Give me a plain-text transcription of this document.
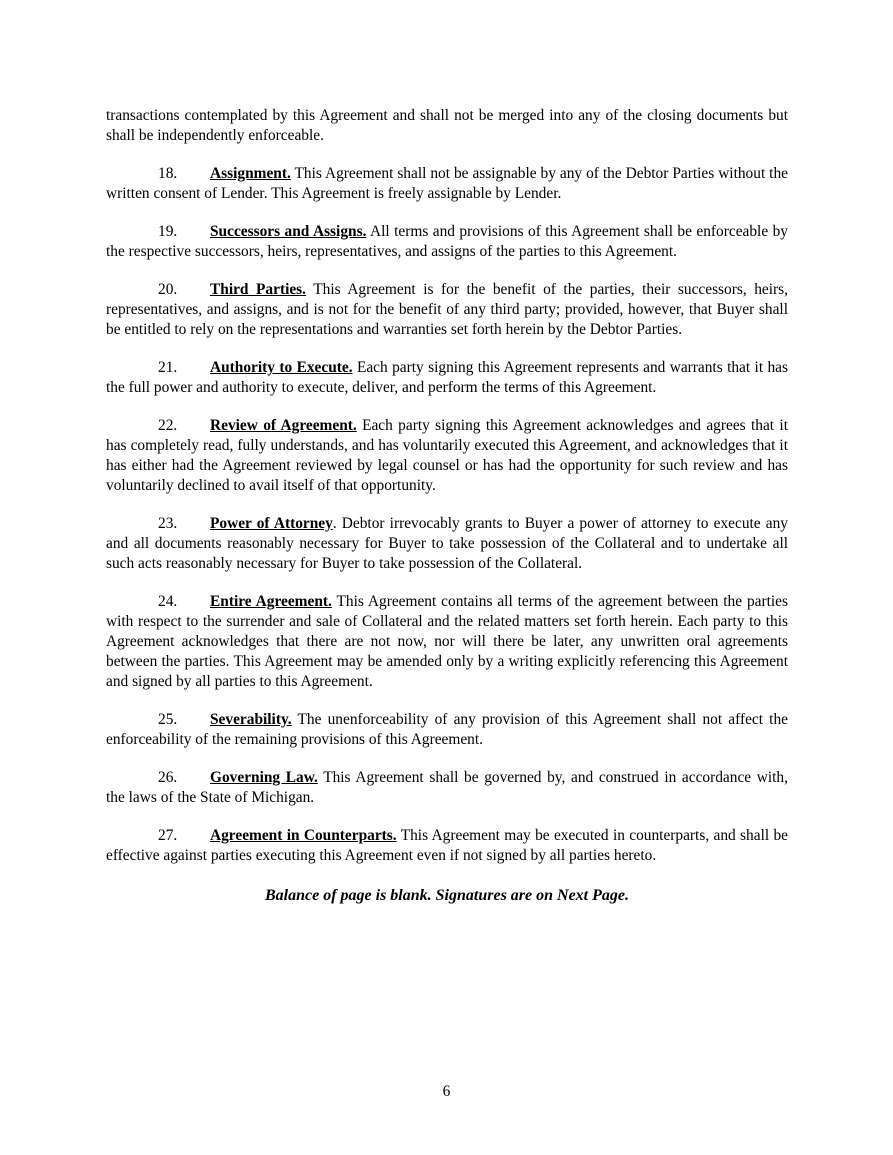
transactions contemplated by this Agreement and shall not be merged into any of the closing documents but shall be independently enforceable.

18. Assignment. This Agreement shall not be assignable by any of the Debtor Parties without the written consent of Lender. This Agreement is freely assignable by Lender.

19. Successors and Assigns. All terms and provisions of this Agreement shall be enforceable by the respective successors, heirs, representatives, and assigns of the parties to this Agreement.

20. Third Parties. This Agreement is for the benefit of the parties, their successors, heirs, representatives, and assigns, and is not for the benefit of any third party; provided, however, that Buyer shall be entitled to rely on the representations and warranties set forth herein by the Debtor Parties.

21. Authority to Execute. Each party signing this Agreement represents and warrants that it has the full power and authority to execute, deliver, and perform the terms of this Agreement.

22. Review of Agreement. Each party signing this Agreement acknowledges and agrees that it has completely read, fully understands, and has voluntarily executed this Agreement, and acknowledges that it has either had the Agreement reviewed by legal counsel or has had the opportunity for such review and has voluntarily declined to avail itself of that opportunity.

23. Power of Attorney. Debtor irrevocably grants to Buyer a power of attorney to execute any and all documents reasonably necessary for Buyer to take possession of the Collateral and to undertake all such acts reasonably necessary for Buyer to take possession of the Collateral.

24. Entire Agreement. This Agreement contains all terms of the agreement between the parties with respect to the surrender and sale of Collateral and the related matters set forth herein. Each party to this Agreement acknowledges that there are not now, nor will there be later, any unwritten oral agreements between the parties. This Agreement may be amended only by a writing explicitly referencing this Agreement and signed by all parties to this Agreement.

25. Severability. The unenforceability of any provision of this Agreement shall not affect the enforceability of the remaining provisions of this Agreement.

26. Governing Law. This Agreement shall be governed by, and construed in accordance with, the laws of the State of Michigan.

27. Agreement in Counterparts. This Agreement may be executed in counterparts, and shall be effective against parties executing this Agreement even if not signed by all parties hereto.

Balance of page is blank. Signatures are on Next Page.

6
